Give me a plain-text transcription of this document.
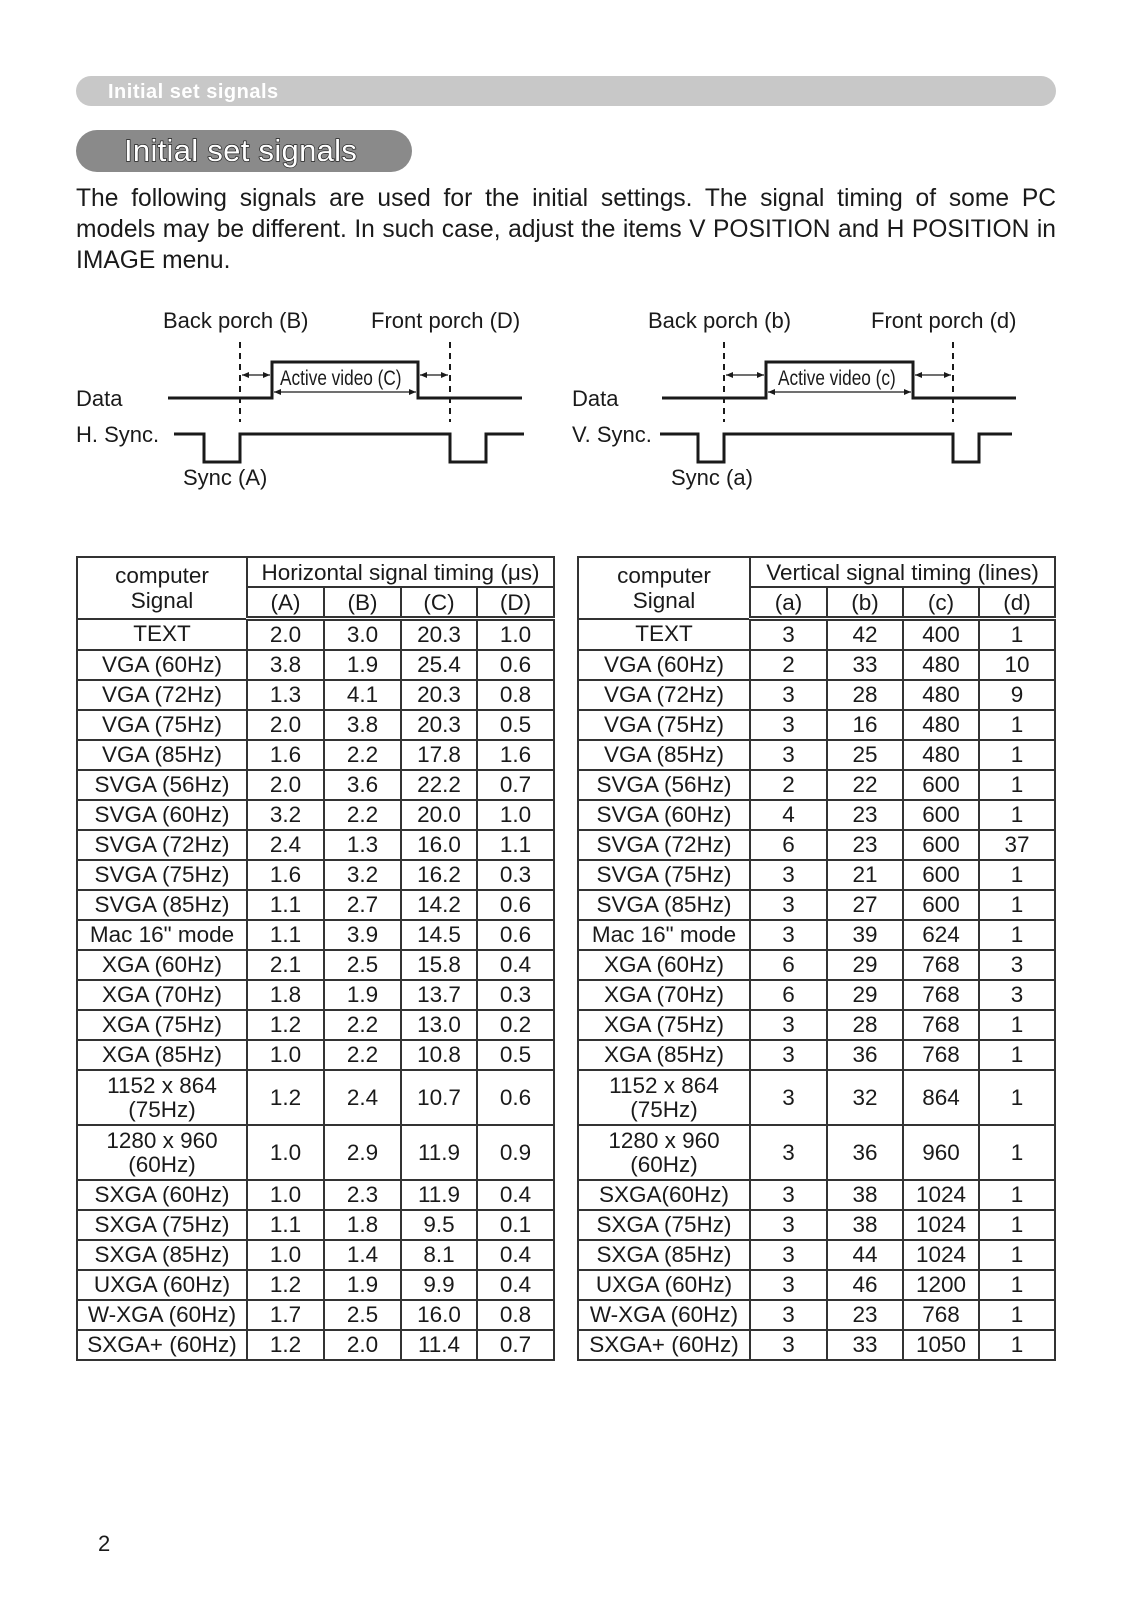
Initial set signals
Initial set signals

The following signals are used for the initial settings. The signal timing of some PC models may be different. In such case, adjust the items V POSITION and H POSITION in IMAGE menu.

Back porch (B)	Front porch (D)
Active video (C)
Data
H. Sync.
Sync (A)
Back porch (b)	Front porch (d)
Active video (c)
Data
V. Sync.
Sync (a)
computer Signal	Horizontal signal timing (μs)			
	(A)	(B)	(C)	(D)
TEXT	2.0	3.0	20.3	1.0
VGA (60Hz)	3.8	1.9	25.4	0.6
VGA (72Hz)	1.3	4.1	20.3	0.8
VGA (75Hz)	2.0	3.8	20.3	0.5
VGA (85Hz)	1.6	2.2	17.8	1.6
SVGA (56Hz)	2.0	3.6	22.2	0.7
SVGA (60Hz)	3.2	2.2	20.0	1.0
SVGA (72Hz)	2.4	1.3	16.0	1.1
SVGA (75Hz)	1.6	3.2	16.2	0.3
SVGA (85Hz)	1.1	2.7	14.2	0.6
Mac 16" mode	1.1	3.9	14.5	0.6
XGA (60Hz)	2.1	2.5	15.8	0.4
XGA (70Hz)	1.8	1.9	13.7	0.3
XGA (75Hz)	1.2	2.2	13.0	0.2
XGA (85Hz)	1.0	2.2	10.8	0.5
1152 x 864
(75Hz)	1.2	2.4	10.7	0.6
1280 x 960
(60Hz)	1.0	2.9	11.9	0.9
SXGA (60Hz)	1.0	2.3	11.9	0.4
SXGA (75Hz)	1.1	1.8	9.5	0.1
SXGA (85Hz)	1.0	1.4	8.1	0.4
UXGA (60Hz)	1.2	1.9	9.9	0.4
W-XGA (60Hz)	1.7	2.5	16.0	0.8
SXGA+ (60Hz)	1.2	2.0	11.4	0.7
computer Signal	Vertical signal timing (lines)			
	(a)	(b)	(c)	(d)
TEXT	3	42	400	1
VGA (60Hz)	2	33	480	10
VGA (72Hz)	3	28	480	9
VGA (75Hz)	3	16	480	1
VGA (85Hz)	3	25	480	1
SVGA (56Hz)	2	22	600	1
SVGA (60Hz)	4	23	600	1
SVGA (72Hz)	6	23	600	37
SVGA (75Hz)	3	21	600	1
SVGA (85Hz)	3	27	600	1
Mac 16" mode	3	39	624	1
XGA (60Hz)	6	29	768	3
XGA (70Hz)	6	29	768	3
XGA (75Hz)	3	28	768	1
XGA (85Hz)	3	36	768	1
1152 x 864
(75Hz)	3	32	864	1
1280 x 960
(60Hz)	3	36	960	1
SXGA(60Hz)	3	38	1024	1
SXGA (75Hz)	3	38	1024	1
SXGA (85Hz)	3	44	1024	1
UXGA (60Hz)	3	46	1200	1
W-XGA (60Hz)	3	23	768	1
SXGA+ (60Hz)	3	33	1050	1
2
